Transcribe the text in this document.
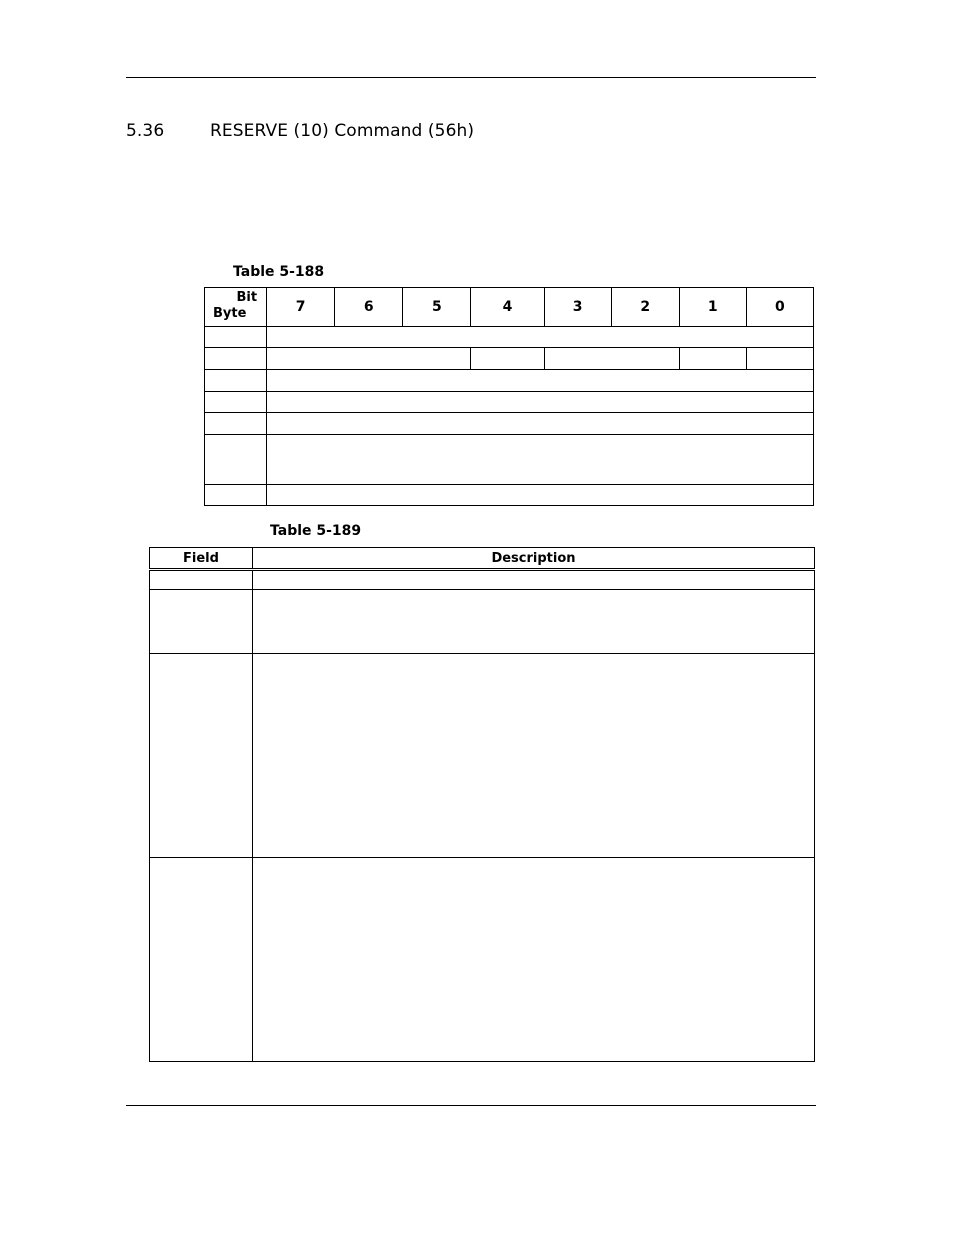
5.36	RESERVE (10) Command (56h)
Table 5-188
Bit
Byte	7	6	5	4	3	2	1	0

Table 5-189
Field	Description
